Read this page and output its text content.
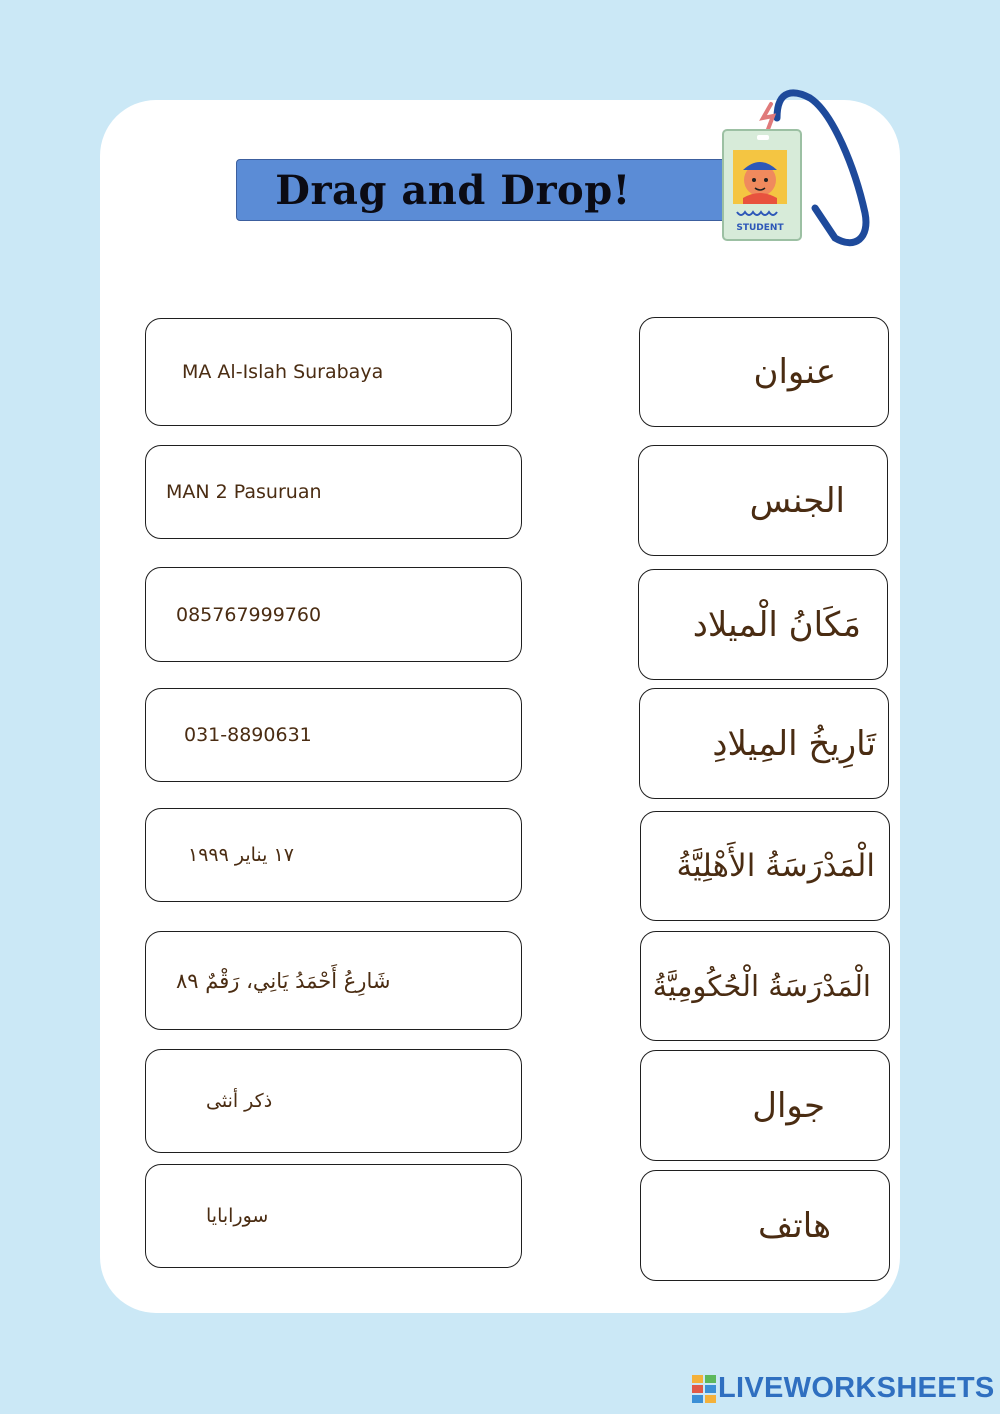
Drag and Drop!
STUDENT
MA Al-Islah Surabaya
MAN 2 Pasuruan
085767999760
031-8890631
١٧ يناير ١٩٩٩
شَارِعُ أَحْمَدُ يَانِي، رَقْمٌ ٨٩
ذكر أنثى
سورابايا
عنوان
الجنس
مَكَانُ الْميلاد
تَارِيخُ المِيلادِ
الْمَدْرَسَةُ الأَهْلِيَّةُ
الْمَدْرَسَةُ الْحُكُومِيَّةُ
جوال
هاتف
LIVEWORKSHEETS
